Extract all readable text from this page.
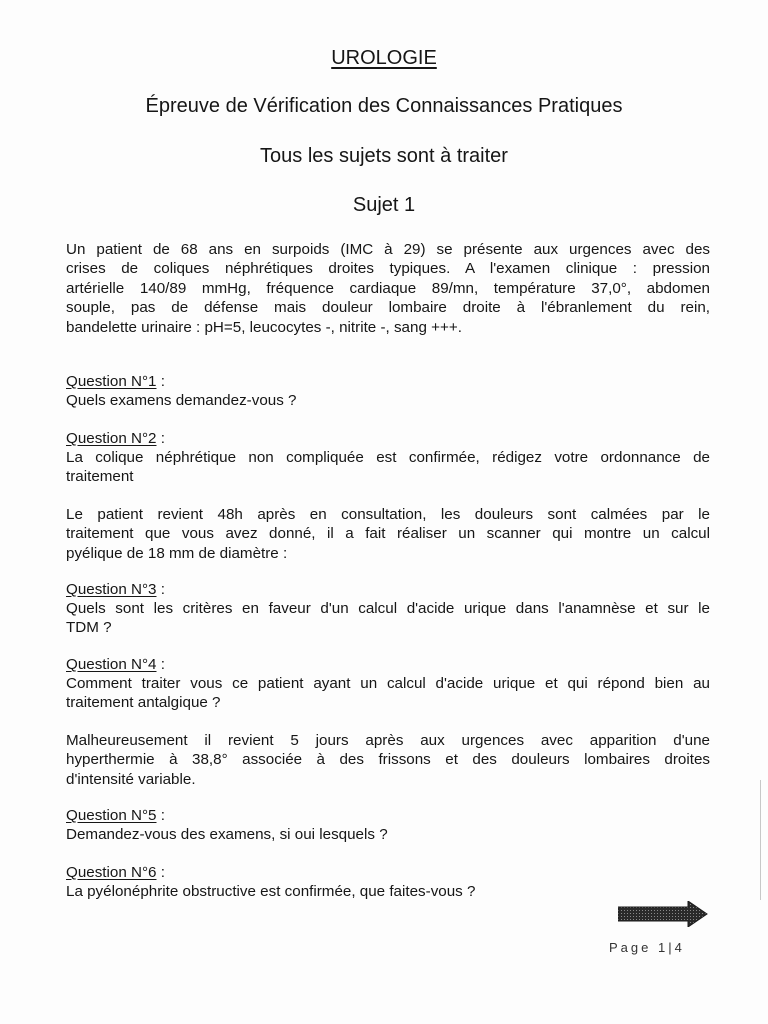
UROLOGIE
Épreuve de Vérification des Connaissances Pratiques
Tous les sujets sont à traiter
Sujet 1
Un patient de 68 ans en surpoids (IMC à 29) se présente aux urgences avec des
crises de coliques néphrétiques droites typiques. A l'examen clinique : pression
artérielle 140/89 mmHg, fréquence cardiaque 89/mn, température 37,0°, abdomen
souple, pas de défense mais douleur lombaire droite à l'ébranlement du rein,
bandelette urinaire : pH=5, leucocytes -, nitrite -, sang +++.
Question N°1 :
Quels examens demandez-vous ?
Question N°2 :
La colique néphrétique non compliquée est confirmée, rédigez votre ordonnance de
traitement
Le patient revient 48h après en consultation, les douleurs sont calmées par le
traitement que vous avez donné, il a fait réaliser un scanner qui montre un calcul
pyélique de 18 mm de diamètre :
Question N°3 :
Quels sont les critères en faveur d'un calcul d'acide urique dans l'anamnèse et sur le
TDM ?
Question N°4 :
Comment traiter vous ce patient ayant un calcul d'acide urique et qui répond bien au
traitement antalgique ?
Malheureusement il revient 5 jours après aux urgences avec apparition d'une
hyperthermie à 38,8° associée à des frissons et des douleurs lombaires droites
d'intensité variable.
Question N°5 :
Demandez-vous des examens, si oui lesquels ?
Question N°6 :
La pyélonéphrite obstructive est confirmée, que faites-vous ?
Page 1|4
